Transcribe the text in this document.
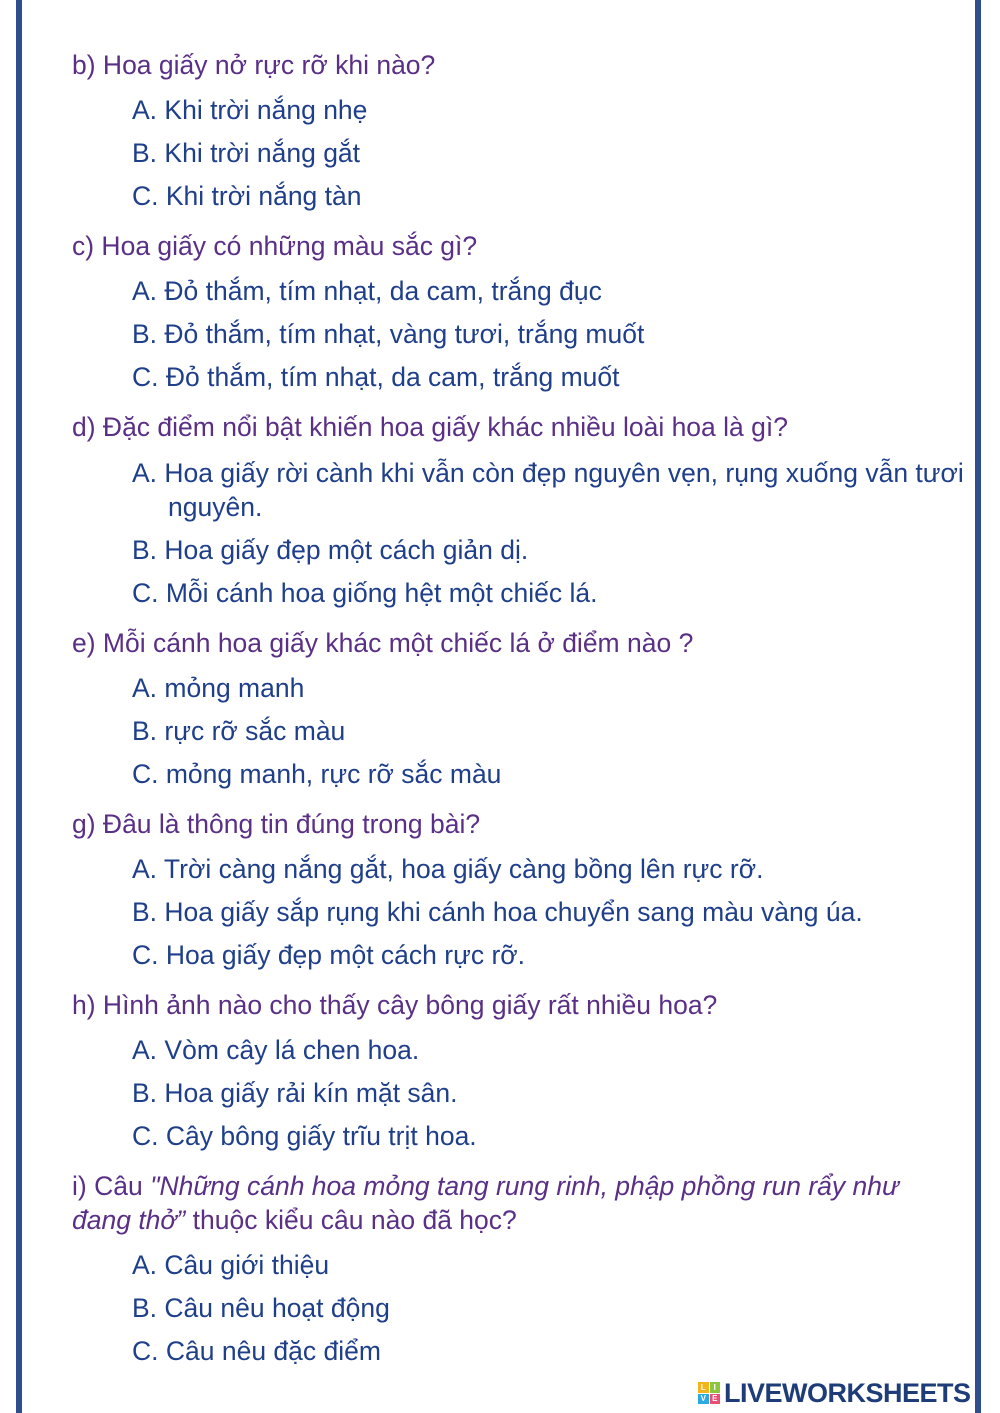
b) Hoa giấy nở rực rỡ khi nào?
A. Khi trời nắng nhẹ
B. Khi trời nắng gắt
C. Khi trời nắng tàn
c) Hoa giấy có những màu sắc gì?
A. Đỏ thắm, tím nhạt, da cam, trắng đục
B. Đỏ thắm, tím nhạt, vàng tươi, trắng muốt
C. Đỏ thắm, tím nhạt, da cam, trắng muốt
d) Đặc điểm nổi bật khiến hoa giấy khác nhiều loài hoa là gì?
A. Hoa giấy rời cành khi vẫn còn đẹp nguyên vẹn, rụng xuống vẫn tươi nguyên.
B. Hoa giấy đẹp một cách giản dị.
C. Mỗi cánh hoa giống hệt một chiếc lá.
e) Mỗi cánh hoa giấy khác một chiếc lá ở điểm nào ?
A. mỏng manh
B. rực rỡ sắc màu
C. mỏng manh, rực rỡ sắc màu
g) Đâu là thông tin đúng trong bài?
A. Trời càng nắng gắt, hoa giấy càng bồng lên rực rỡ.
B. Hoa giấy sắp rụng khi cánh hoa chuyển sang màu vàng úa.
C. Hoa giấy đẹp một cách rực rỡ.
h) Hình ảnh nào cho thấy cây bông giấy rất nhiều hoa?
A. Vòm cây lá chen hoa.
B. Hoa giấy rải kín mặt sân.
C. Cây bông giấy trĩu trịt hoa.
i) Câu "Những cánh hoa mỏng tang rung rinh, phập phồng run rẩy như đang thở” thuộc kiểu câu nào đã học?
A. Câu giới thiệu
B. Câu nêu hoạt động
C. Câu nêu đặc điểm
L I
V E LIVEWORKSHEETS
